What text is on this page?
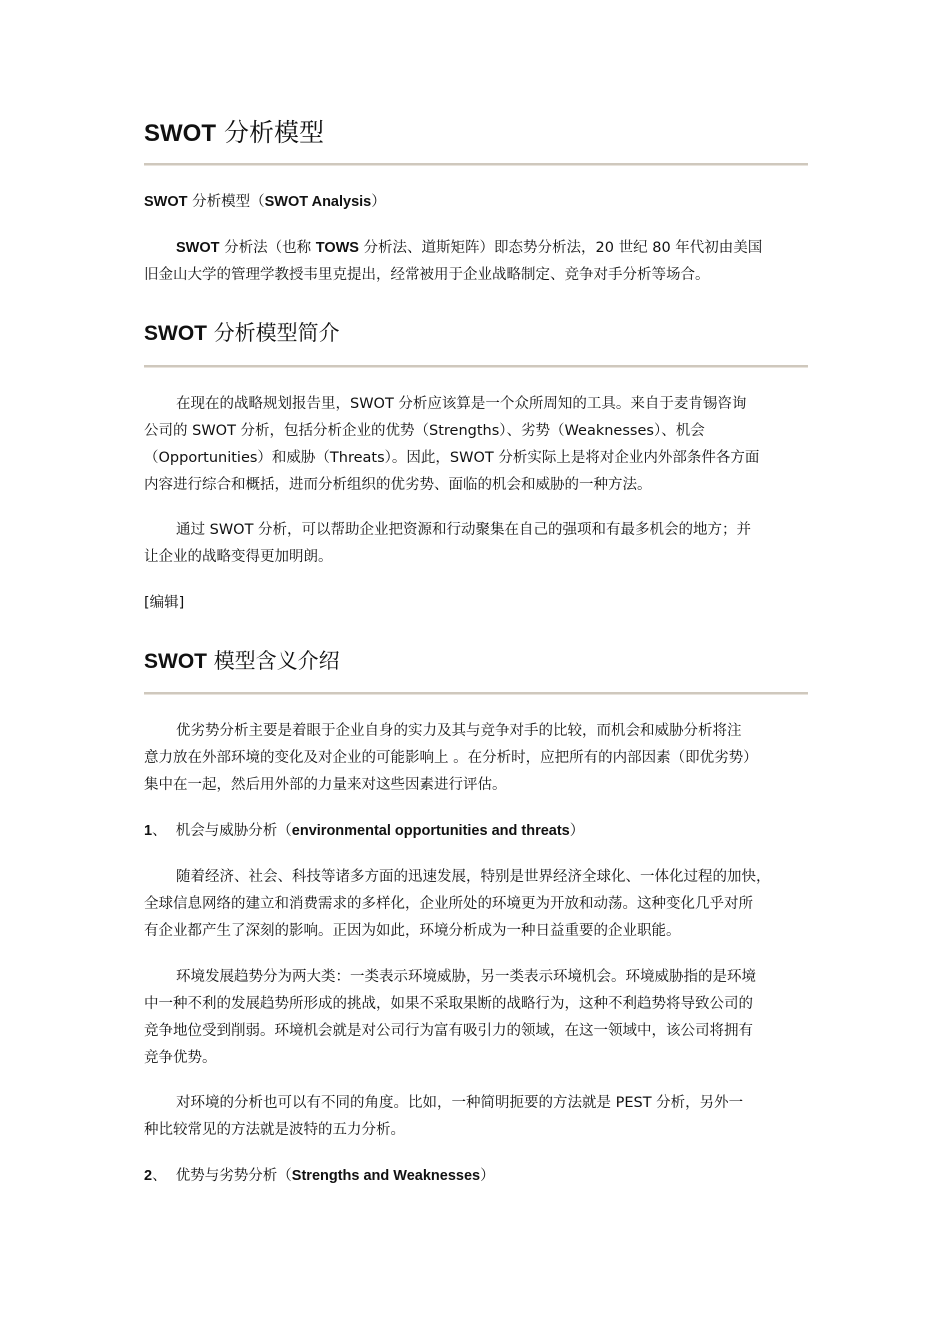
SWOT 分析模型
SWOT 分析模型（SWOT Analysis）
SWOT 分析法（也称 TOWS 分析法、道斯矩阵）即态势分析法，20 世纪 80 年代初由美国
旧金山大学的管理学教授韦里克提出，经常被用于企业战略制定、竞争对手分析等场合。
SWOT 分析模型简介
在现在的战略规划报告里，SWOT 分析应该算是一个众所周知的工具。来自于麦肯锡咨询
公司的 SWOT 分析，包括分析企业的优势（Strengths）、劣势（Weaknesses）、机会
（Opportunities）和威胁（Threats）。因此，SWOT 分析实际上是将对企业内外部条件各方面
内容进行综合和概括，进而分析组织的优劣势、面临的机会和威胁的一种方法。
通过 SWOT 分析，可以帮助企业把资源和行动聚集在自己的强项和有最多机会的地方；并
让企业的战略变得更加明朗。
[编辑]
SWOT 模型含义介绍
优劣势分析主要是着眼于企业自身的实力及其与竞争对手的比较，而机会和威胁分析将注
意力放在外部环境的变化及对企业的可能影响上 。在分析时，应把所有的内部因素（即优劣势）
集中在一起，然后用外部的力量来对这些因素进行评估。
1、 机会与威胁分析（environmental opportunities and threats）
随着经济、社会、科技等诸多方面的迅速发展，特别是世界经济全球化、一体化过程的加快，
全球信息网络的建立和消费需求的多样化，企业所处的环境更为开放和动荡。这种变化几乎对所
有企业都产生了深刻的影响。正因为如此，环境分析成为一种日益重要的企业职能。
环境发展趋势分为两大类：一类表示环境威胁，另一类表示环境机会。环境威胁指的是环境
中一种不利的发展趋势所形成的挑战，如果不采取果断的战略行为，这种不利趋势将导致公司的
竞争地位受到削弱。环境机会就是对公司行为富有吸引力的领域，在这一领域中，该公司将拥有
竞争优势。
对环境的分析也可以有不同的角度。比如，一种简明扼要的方法就是 PEST 分析，另外一
种比较常见的方法就是波特的五力分析。
2、 优势与劣势分析（Strengths and Weaknesses）
